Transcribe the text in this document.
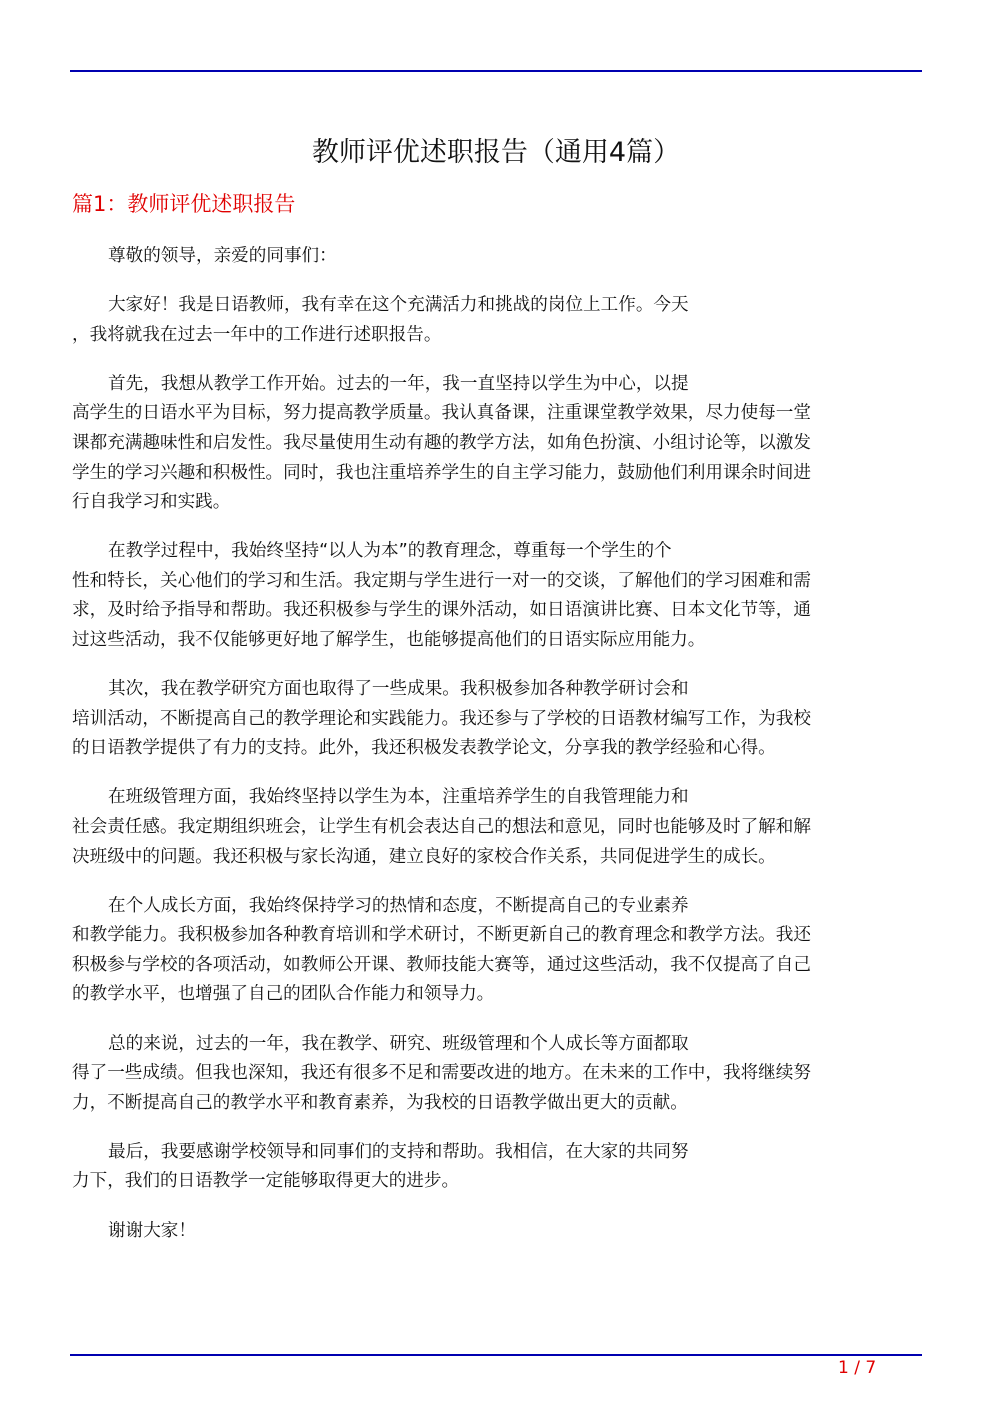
教师评优述职报告（通用4篇）
篇1：教师评优述职报告
尊敬的领导，亲爱的同事们：
大家好！我是日语教师，我有幸在这个充满活力和挑战的岗位上工作。今天
，我将就我在过去一年中的工作进行述职报告。
首先，我想从教学工作开始。过去的一年，我一直坚持以学生为中心，以提
高学生的日语水平为目标，努力提高教学质量。我认真备课，注重课堂教学效果，尽力使每一堂
课都充满趣味性和启发性。我尽量使用生动有趣的教学方法，如角色扮演、小组讨论等，以激发
学生的学习兴趣和积极性。同时，我也注重培养学生的自主学习能力，鼓励他们利用课余时间进
行自我学习和实践。
在教学过程中，我始终坚持“以人为本”的教育理念，尊重每一个学生的个
性和特长，关心他们的学习和生活。我定期与学生进行一对一的交谈，了解他们的学习困难和需
求，及时给予指导和帮助。我还积极参与学生的课外活动，如日语演讲比赛、日本文化节等，通
过这些活动，我不仅能够更好地了解学生，也能够提高他们的日语实际应用能力。
其次，我在教学研究方面也取得了一些成果。我积极参加各种教学研讨会和
培训活动，不断提高自己的教学理论和实践能力。我还参与了学校的日语教材编写工作，为我校
的日语教学提供了有力的支持。此外，我还积极发表教学论文，分享我的教学经验和心得。
在班级管理方面，我始终坚持以学生为本，注重培养学生的自我管理能力和
社会责任感。我定期组织班会，让学生有机会表达自己的想法和意见，同时也能够及时了解和解
决班级中的问题。我还积极与家长沟通，建立良好的家校合作关系，共同促进学生的成长。
在个人成长方面，我始终保持学习的热情和态度，不断提高自己的专业素养
和教学能力。我积极参加各种教育培训和学术研讨，不断更新自己的教育理念和教学方法。我还
积极参与学校的各项活动，如教师公开课、教师技能大赛等，通过这些活动，我不仅提高了自己
的教学水平，也增强了自己的团队合作能力和领导力。
总的来说，过去的一年，我在教学、研究、班级管理和个人成长等方面都取
得了一些成绩。但我也深知，我还有很多不足和需要改进的地方。在未来的工作中，我将继续努
力，不断提高自己的教学水平和教育素养，为我校的日语教学做出更大的贡献。
最后，我要感谢学校领导和同事们的支持和帮助。我相信，在大家的共同努
力下，我们的日语教学一定能够取得更大的进步。
谢谢大家！
1 / 7
